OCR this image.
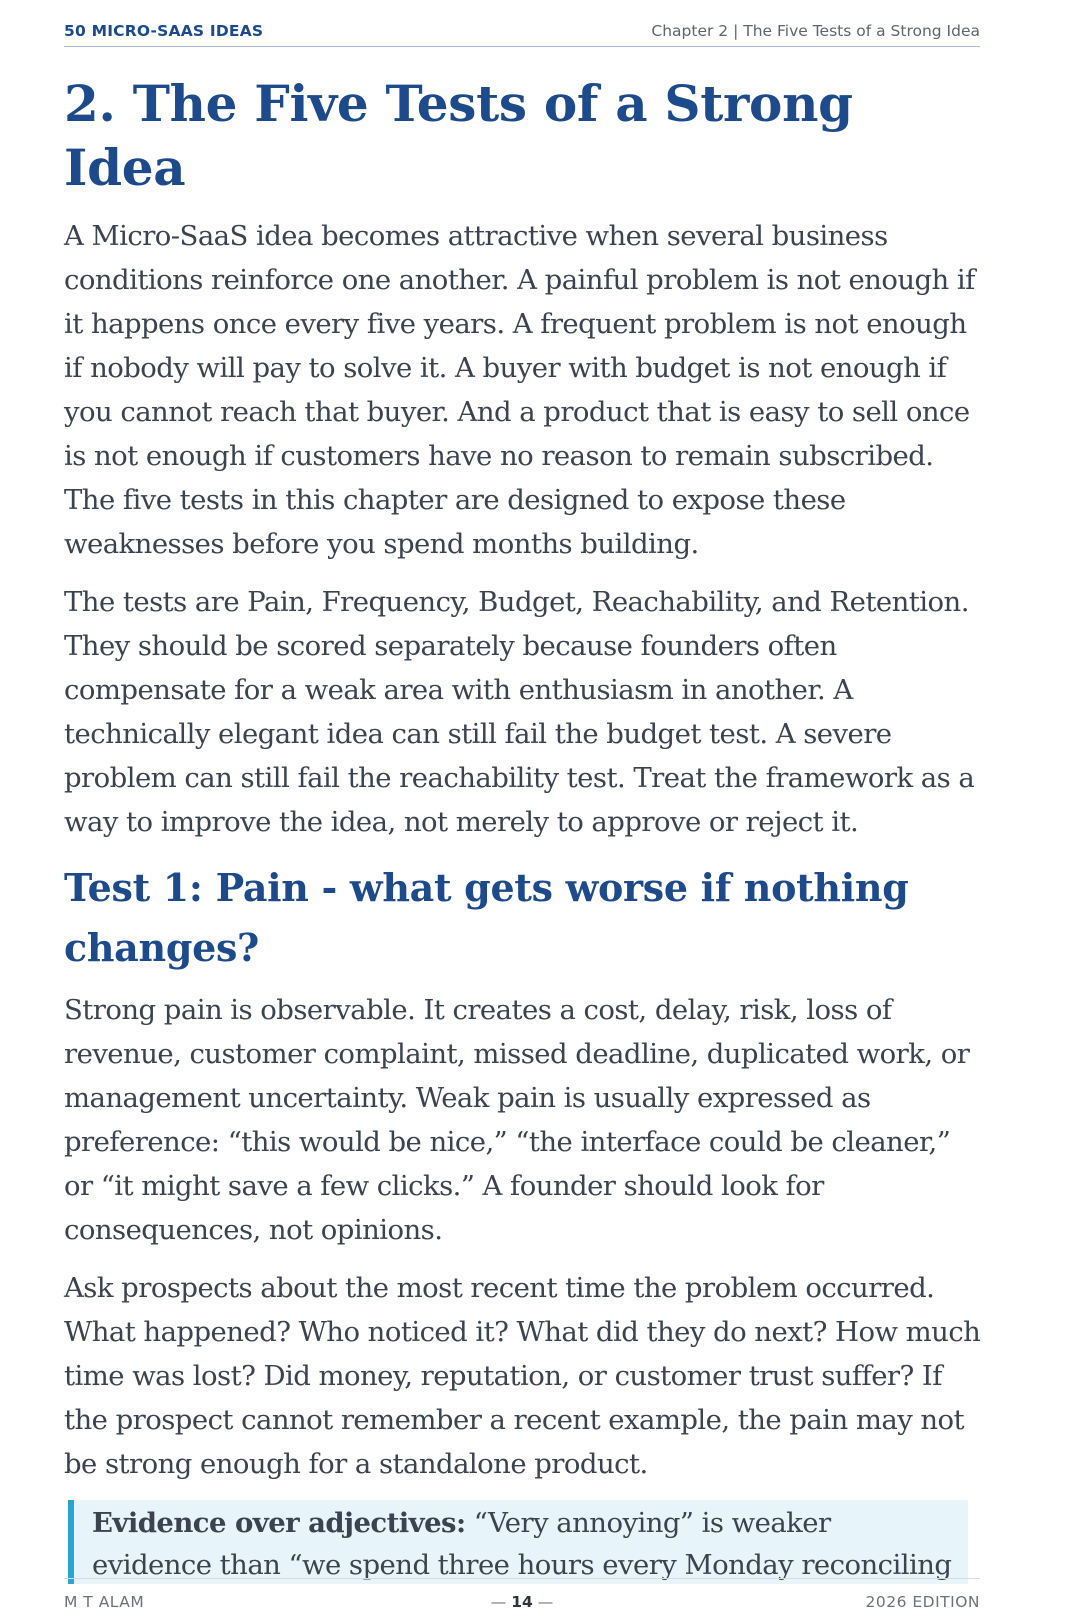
50 MICRO-SAAS IDEAS	Chapter 2 | The Five Tests of a Strong Idea
2. The Five Tests of a Strong Idea

A Micro-SaaS idea becomes attractive when several business conditions reinforce one another. A painful problem is not enough if it happens once every five years. A frequent problem is not enough if nobody will pay to solve it. A buyer with budget is not enough if you cannot reach that buyer. And a product that is easy to sell once is not enough if customers have no reason to remain subscribed. The five tests in this chapter are designed to expose these weaknesses before you spend months building.

The tests are Pain, Frequency, Budget, Reachability, and Retention. They should be scored separately because founders often compensate for a weak area with enthusiasm in another. A technically elegant idea can still fail the budget test. A severe problem can still fail the reachability test. Treat the framework as a way to improve the idea, not merely to approve or reject it.

Test 1: Pain - what gets worse if nothing changes?

Strong pain is observable. It creates a cost, delay, risk, loss of revenue, customer complaint, missed deadline, duplicated work, or management uncertainty. Weak pain is usually expressed as preference: “this would be nice,” “the interface could be cleaner,” or “it might save a few clicks.” A founder should look for consequences, not opinions.

Ask prospects about the most recent time the problem occurred. What happened? Who noticed it? What did they do next? How much time was lost? Did money, reputation, or customer trust suffer? If the prospect cannot remember a recent example, the pain may not be strong enough for a standalone product.

Evidence over adjectives: “Very annoying” is weaker evidence than “we spend three hours every Monday reconciling
M T ALAM	— 14 —	2026 EDITION
